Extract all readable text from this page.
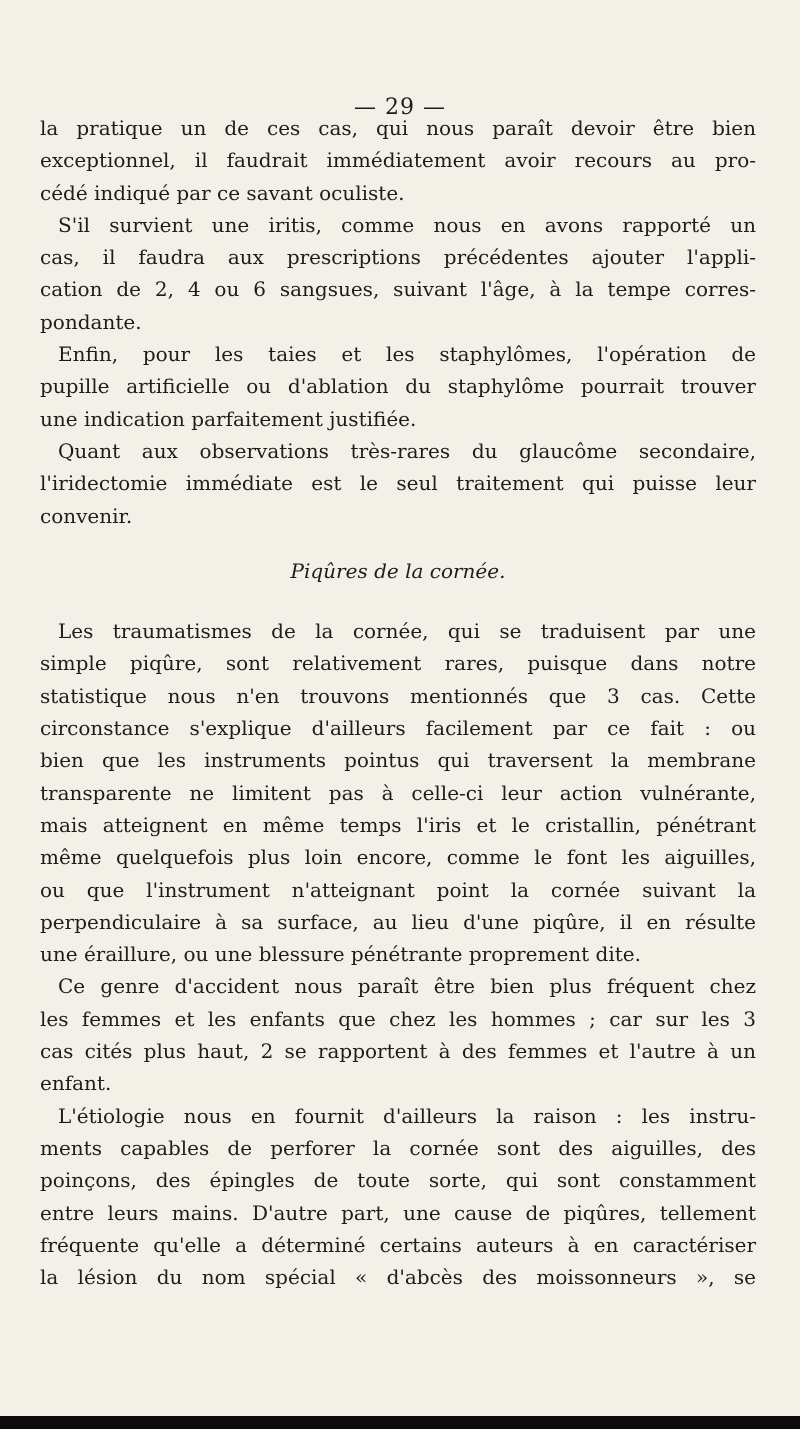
— 29 —
la pratique un de ces cas, qui nous paraît devoir être bien
exceptionnel, il faudrait immédiatement avoir recours au pro-
cédé indiqué par ce savant oculiste.
S'il survient une iritis, comme nous en avons rapporté un
cas, il faudra aux prescriptions précédentes ajouter l'appli-
cation de 2, 4 ou 6 sangsues, suivant l'âge, à la tempe corres-
pondante.
Enfin, pour les taies et les staphylômes, l'opération de
pupille artificielle ou d'ablation du staphylôme pourrait trouver
une indication parfaitement justifiée.
Quant aux observations très-rares du glaucôme secondaire,
l'iridectomie immédiate est le seul traitement qui puisse leur
convenir.
Piqûres de la cornée.
Les traumatismes de la cornée, qui se traduisent par une
simple piqûre, sont relativement rares, puisque dans notre
statistique nous n'en trouvons mentionnés que 3 cas. Cette
circonstance s'explique d'ailleurs facilement par ce fait : ou
bien que les instruments pointus qui traversent la membrane
transparente ne limitent pas à celle-ci leur action vulnérante,
mais atteignent en même temps l'iris et le cristallin, pénétrant
même quelquefois plus loin encore, comme le font les aiguilles,
ou que l'instrument n'atteignant point la cornée suivant la
perpendiculaire à sa surface, au lieu d'une piqûre, il en résulte
une éraillure, ou une blessure pénétrante proprement dite.
Ce genre d'accident nous paraît être bien plus fréquent chez
les femmes et les enfants que chez les hommes ; car sur les 3
cas cités plus haut, 2 se rapportent à des femmes et l'autre à un
enfant.
L'étiologie nous en fournit d'ailleurs la raison : les instru-
ments capables de perforer la cornée sont des aiguilles, des
poinçons, des épingles de toute sorte, qui sont constamment
entre leurs mains. D'autre part, une cause de piqûres, tellement
fréquente qu'elle a déterminé certains auteurs à en caractériser
la lésion du nom spécial « d'abcès des moissonneurs », se
